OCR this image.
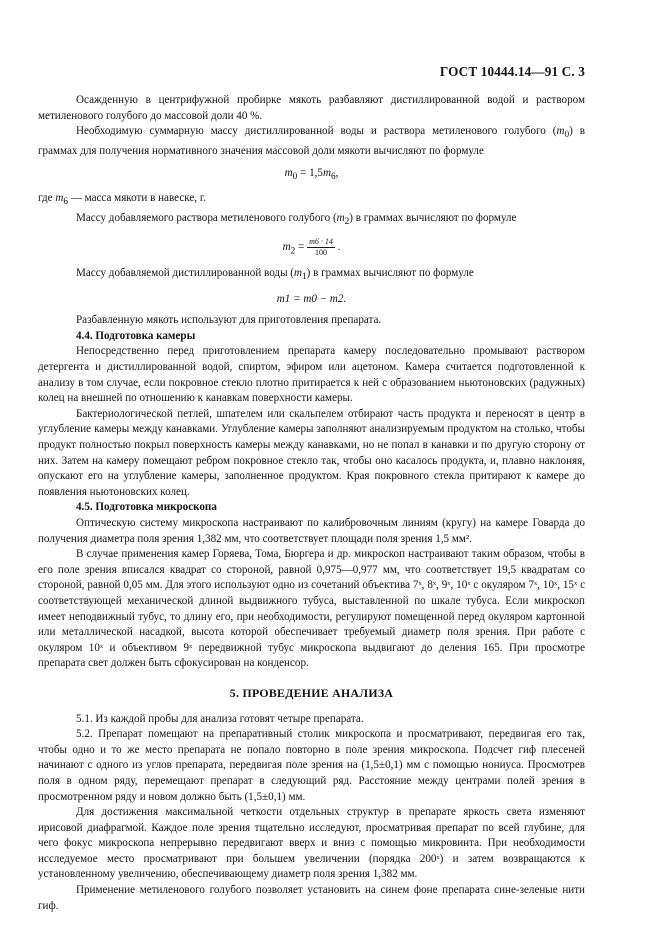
ГОСТ 10444.14—91 С. 3

Осажденную в центрифужной пробирке мякоть разбавляют дистиллированной водой и раствором метиленового голубого до массовой доли 40 %.

Необходимую суммарную массу дистиллированной воды и раствора метиленового голубого $(m_0)$ в граммах для получения нормативного значения массовой доли мякоти вычисляют по формуле

$m_0 = 1,5m_6$,

где $m_6$ — масса мякоти в навеске, г.

Массу добавляемого раствора метиленового голубого $(m_2)$ в граммах вычисляют по формуле

$m_2 = \frac{m6 \cdot 14}{100}$ .

Массу добавляемой дистиллированной воды $(m_1)$ в граммах вычисляют по формуле

m1 = m0 − m2.

Разбавленную мякоть используют для приготовления препарата.

4.4. Подготовка камеры

Непосредственно перед приготовлением препарата камеру последовательно промывают раствором детергента и дистиллированной водой, спиртом, эфиром или ацетоном. Камера считается подготовленной к анализу в том случае, если покровное стекло плотно притирается к ней с образованием ньютоновских (радужных) колец на внешней по отношению к канавкам поверхности камеры.

Бактериологической петлей, шпателем или скальпелем отбирают часть продукта и переносят в центр в углубление камеры между канавками. Углубление камеры заполняют анализируемым продуктом на столько, чтобы продукт полностью покрыл поверхность камеры между канавками, но не попал в канавки и по другую сторону от них. Затем на камеру помещают ребром покровное стекло так, чтобы оно касалось продукта, и, плавно наклоняя, опускают его на углубление камеры, заполненное продуктом. Края покровного стекла притирают к камере до появления ньютоновских колец.

4.5. Подготовка микроскопа

Оптическую систему микроскопа настраивают по калибровочным линиям (кругу) на камере Говарда до получения диаметра поля зрения 1,382 мм, что соответствует площади поля зрения 1,5 мм².

В случае применения камер Горяева, Тома, Бюргера и др. микроскоп настраивают таким образом, чтобы в его поле зрения вписался квадрат со стороной, равной 0,975—0,977 мм, что соответствует 19,5 квадратам со стороной, равной 0,05 мм. Для этого используют одно из сочетаний объектива 7ˣ, 8ˣ, 9ˣ, 10ˣ с окуляром 7ˣ, 10ˣ, 15ˣ с соответствующей механической длиной выдвижного тубуса, выставленной по шкале тубуса. Если микроскоп имеет неподвижный тубус, то длину его, при необходимости, регулируют помещенной перед окуляром картонной или металлической насадкой, высота которой обеспечивает требуемый диаметр поля зрения. При работе с окуляром 10ˣ и объективом 9ˣ передвижной тубус микроскопа выдвигают до деления 165. При просмотре препарата свет должен быть сфокусирован на конденсор.

5. ПРОВЕДЕНИЕ АНАЛИЗА

5.1. Из каждой пробы для анализа готовят четыре препарата.

5.2. Препарат помещают на препаративный столик микроскопа и просматривают, передвигая его так, чтобы одно и то же место препарата не попало повторно в поле зрения микроскопа. Подсчет гиф плесеней начинают с одного из углов препарата, передвигая поле зрения на (1,5±0,1) мм с помощью нониуса. Просмотрев поля в одном ряду, перемещают препарат в следующий ряд. Расстояние между центрами полей зрения в просмотренном ряду и новом должно быть (1,5±0,1) мм.

Для достижения максимальной четкости отдельных структур в препарате яркость света изменяют ирисовой диафрагмой. Каждое поле зрения тщательно исследуют, просматривая препарат по всей глубине, для чего фокус микроскопа непрерывно передвигают вверх и вниз с помощью микровинта. При необходимости исследуемое место просматривают при большем увеличении (порядка 200ˣ) и затем возвращаются к установленному увеличению, обеспечивающему диаметр поля зрения 1,382 мм.

Применение метиленового голубого позволяет установить на синем фоне препарата сине-зеленые нити гиф.
